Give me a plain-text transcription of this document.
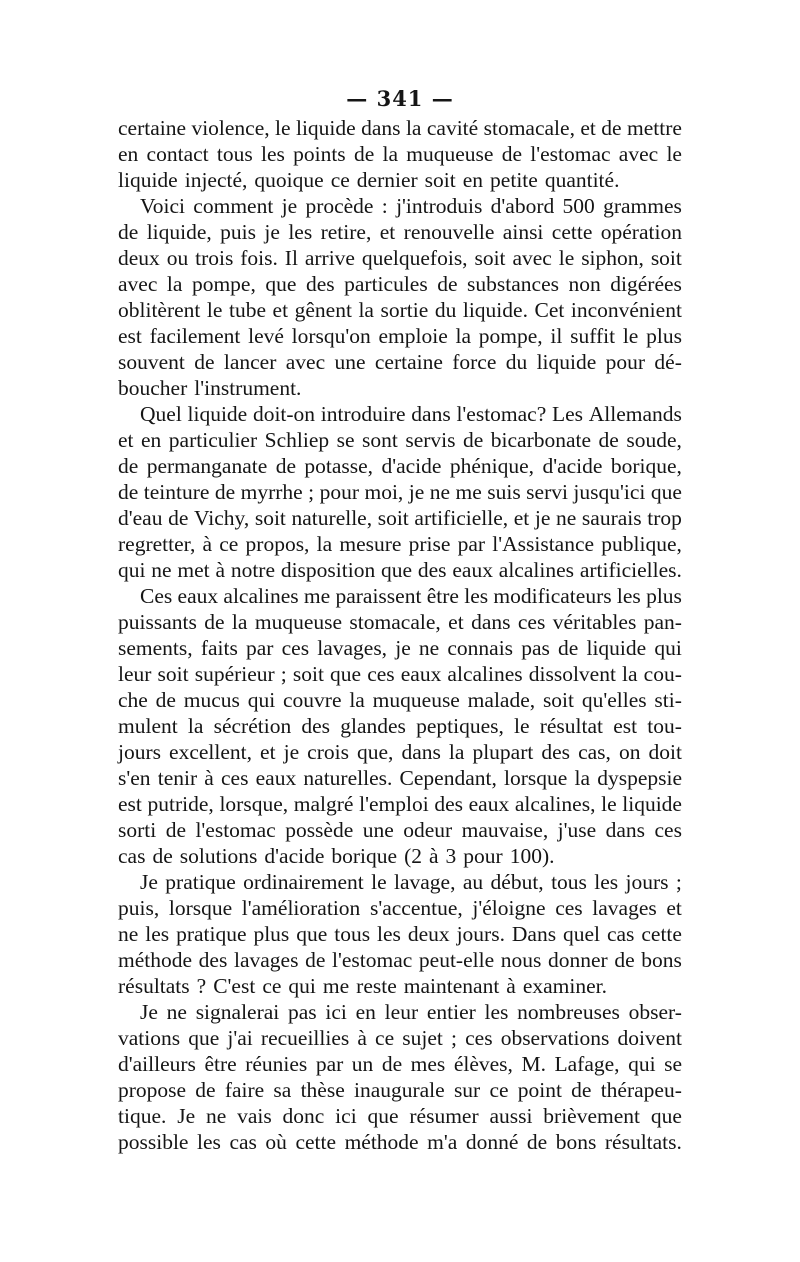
— 341 —
certaine violence, le liquide dans la cavité stomacale, et de mettre
en contact tous les points de la muqueuse de l'estomac avec le
liquide injecté, quoique ce dernier soit en petite quantité.
Voici comment je procède : j'introduis d'abord 500 grammes
de liquide, puis je les retire, et renouvelle ainsi cette opération
deux ou trois fois. Il arrive quelquefois, soit avec le siphon, soit
avec la pompe, que des particules de substances non digérées
oblitèrent le tube et gênent la sortie du liquide. Cet inconvénient
est facilement levé lorsqu'on emploie la pompe, il suffit le plus
souvent de lancer avec une certaine force du liquide pour dé-
boucher l'instrument.
Quel liquide doit-on introduire dans l'estomac? Les Allemands
et en particulier Schliep se sont servis de bicarbonate de soude,
de permanganate de potasse, d'acide phénique, d'acide borique,
de teinture de myrrhe ; pour moi, je ne me suis servi jusqu'ici que
d'eau de Vichy, soit naturelle, soit artificielle, et je ne saurais trop
regretter, à ce propos, la mesure prise par l'Assistance publique,
qui ne met à notre disposition que des eaux alcalines artificielles.
Ces eaux alcalines me paraissent être les modificateurs les plus
puissants de la muqueuse stomacale, et dans ces véritables pan-
sements, faits par ces lavages, je ne connais pas de liquide qui
leur soit supérieur ; soit que ces eaux alcalines dissolvent la cou-
che de mucus qui couvre la muqueuse malade, soit qu'elles sti-
mulent la sécrétion des glandes peptiques, le résultat est tou-
jours excellent, et je crois que, dans la plupart des cas, on doit
s'en tenir à ces eaux naturelles. Cependant, lorsque la dyspepsie
est putride, lorsque, malgré l'emploi des eaux alcalines, le liquide
sorti de l'estomac possède une odeur mauvaise, j'use dans ces
cas de solutions d'acide borique (2 à 3 pour 100).
Je pratique ordinairement le lavage, au début, tous les jours ;
puis, lorsque l'amélioration s'accentue, j'éloigne ces lavages et
ne les pratique plus que tous les deux jours. Dans quel cas cette
méthode des lavages de l'estomac peut-elle nous donner de bons
résultats ? C'est ce qui me reste maintenant à examiner.
Je ne signalerai pas ici en leur entier les nombreuses obser-
vations que j'ai recueillies à ce sujet ; ces observations doivent
d'ailleurs être réunies par un de mes élèves, M. Lafage, qui se
propose de faire sa thèse inaugurale sur ce point de thérapeu-
tique. Je ne vais donc ici que résumer aussi brièvement que
possible les cas où cette méthode m'a donné de bons résultats.
